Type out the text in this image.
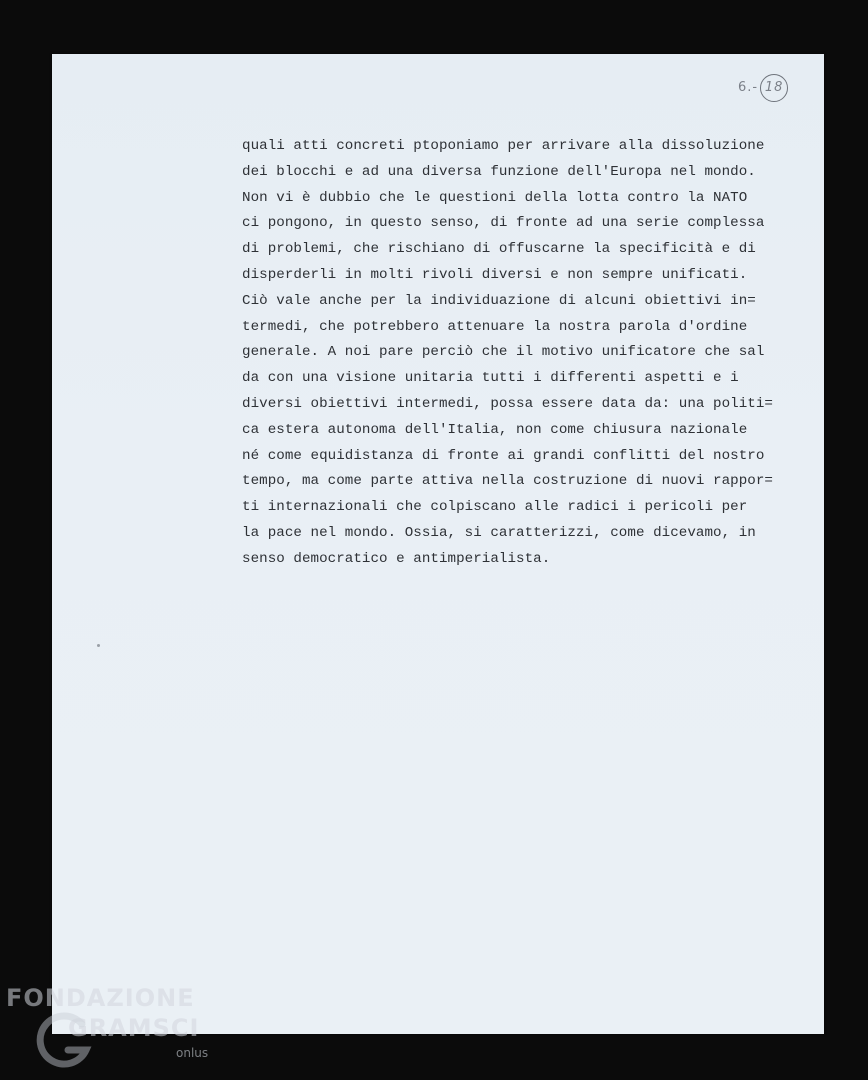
6.- 18
quali atti concreti ptoponiamo per arrivare alla dissoluzione
dei blocchi e ad una diversa funzione dell'Europa nel mondo.
Non vi è dubbio che le questioni della lotta contro la NATO
ci pongono, in questo senso, di fronte ad una serie complessa
di problemi, che rischiano di offuscarne la specificità e di
disperderli in molti rivoli diversi e non sempre unificati.
Ciò vale anche per la individuazione di alcuni obiettivi in=
termedi, che potrebbero attenuare la nostra parola d'ordine
generale. A noi pare perciò che il motivo unificatore che sal
da con una visione unitaria tutti i differenti aspetti e i
diversi obiettivi intermedi, possa essere data da: una politi=
ca estera autonoma dell'Italia, non come chiusura nazionale
né come equidistanza di fronte ai grandi conflitti del nostro
tempo, ma come parte attiva nella costruzione di nuovi rappor=
ti internazionali che colpiscano alle radici i pericoli per
la pace nel mondo. Ossia, si caratterizzi, come dicevamo, in
senso democratico e antimperialista.
FONDAZIONE
GRAMSCI
onlus
